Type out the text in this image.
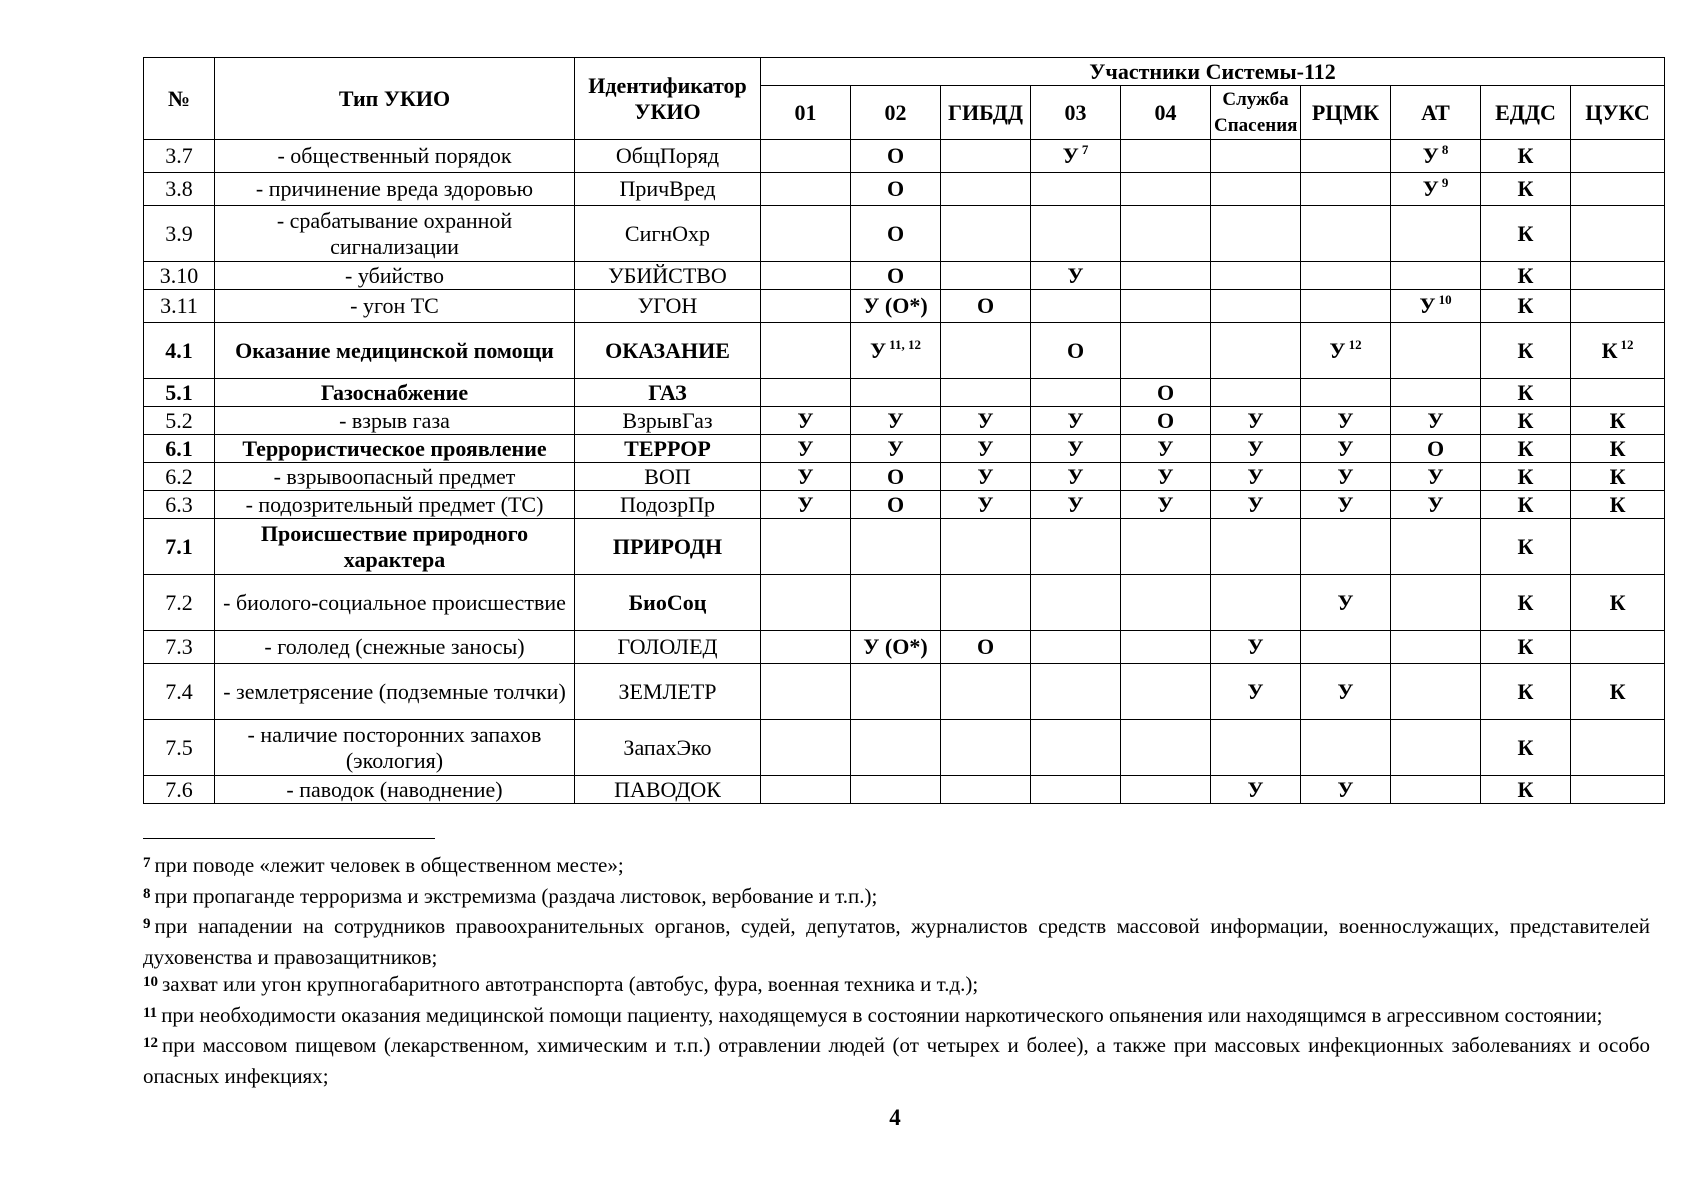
№	Тип УКИО	Идентификатор УКИО	Участники Системы-112									
			01	02	ГИБДД	03	04	Служба Спасения	РЦМК	АТ	ЕДДС	ЦУКС
3.7	- общественный порядок	ОбщПоряд		О		У $^7$				У $^8$	К	
3.8	- причинение вреда здоровью	ПричВред		О						У $^9$	К	
3.9	- срабатывание охранной сигнализации	СигнОхр		О							К	
3.10	- убийство	УБИЙСТВО		О		У					К	
3.11	- угон ТС	УГОН		У (О*)	О					У $^{10}$	К	
4.1	Оказание медицинской помощи	ОКАЗАНИЕ		У $^{11, 12}$		О			У $^{12}$		К	К $^{12}$
5.1	Газоснабжение	ГАЗ					О				К	
5.2	- взрыв газа	ВзрывГаз	У	У	У	У	О	У	У	У	К	К
6.1	Террористическое проявление	ТЕРРОР	У	У	У	У	У	У	У	О	К	К
6.2	- взрывоопасный предмет	ВОП	У	О	У	У	У	У	У	У	К	К
6.3	- подозрительный предмет (ТС)	ПодозрПр	У	О	У	У	У	У	У	У	К	К
7.1	Происшествие природного характера	ПРИРОДН									К	
7.2	- биолого-социальное происшествие	БиоСоц							У		К	К
7.3	- гололед (снежные заносы)	ГОЛОЛЕД		У (О*)	О			У			К	
7.4	- землетрясение (подземные толчки)	ЗЕМЛЕТР						У	У		К	К
7.5	- наличие посторонних запахов (экология)	ЗапахЭко									К	
7.6	- паводок (наводнение)	ПАВОДОК						У	У		К	

$^7$ при поводе «лежит человек в общественном месте»;

$^8$ при пропаганде терроризма и экстремизма (раздача листовок, вербование и т.п.);

$^9$ при нападении на сотрудников правоохранительных органов, судей, депутатов, журналистов средств массовой информации, военнослужащих, представителей духовенства и правозащитников;

$^{10}$ захват или угон крупногабаритного автотранспорта (автобус, фура, военная техника и т.д.);

$^{11}$ при необходимости оказания медицинской помощи пациенту, находящемуся в состоянии наркотического опьянения или находящимся в агрессивном состоянии;

$^{12}$ при массовом пищевом (лекарственном, химическим и т.п.) отравлении людей (от четырех и более), а также при массовых инфекционных заболеваниях и особо опасных инфекциях;

4
